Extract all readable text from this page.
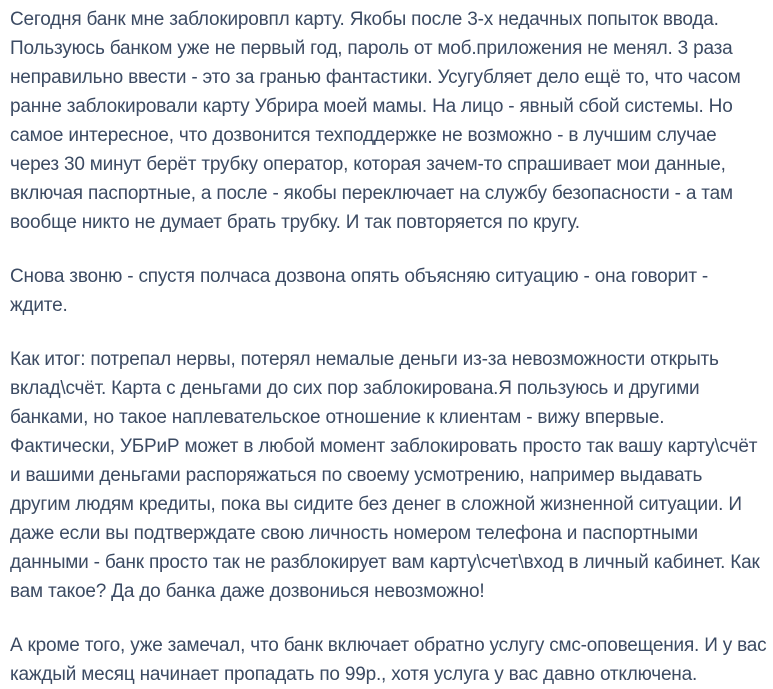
Сегодня банк мне заблокировпл карту. Якобы после 3-х недачных попыток ввода. Пользуюсь банком уже не первый год, пароль от моб.приложения не менял. 3 раза неправильно ввести - это за гранью фантастики. Усугубляет дело ещё то, что часом ранне заблокировали карту Убрира моей мамы. На лицо - явный сбой системы. Но самое интересное, что дозвонится техподдержке не возможно - в лучшим случае через 30 минут берёт трубку оператор, которая зачем-то спрашивает мои данные, включая паспортные, а после - якобы переключает на службу безопасности - а там вообще никто не думает брать трубку. И так повторяется по кругу.

Снова звоню - спустя полчаса дозвона опять объясняю ситуацию - она говорит - ждите.

Как итог: потрепал нервы, потерял немалые деньги из-за невозможности открыть вклад\счёт. Карта с деньгами до сих пор заблокирована.Я пользуюсь и другими банками, но такое наплевательское отношение к клиентам - вижу впервые. Фактически, УБРиР может в любой момент заблокировать просто так вашу карту\счёт и вашими деньгами распоряжаться по своему усмотрению, например выдавать другим людям кредиты, пока вы сидите без денег в сложной жизненной ситуации. И даже если вы подтверждате свою личность номером телефона и паспортными данными - банк просто так не разблокирует вам карту\счет\вход в личный кабинет. Как вам такое? Да до банка даже дозвониься невозможно!

А кроме того, уже замечал, что банк включает обратно услугу смс-оповещения. И у вас каждый месяц начинает пропадать по 99р., хотя услуга у вас давно отключена.
